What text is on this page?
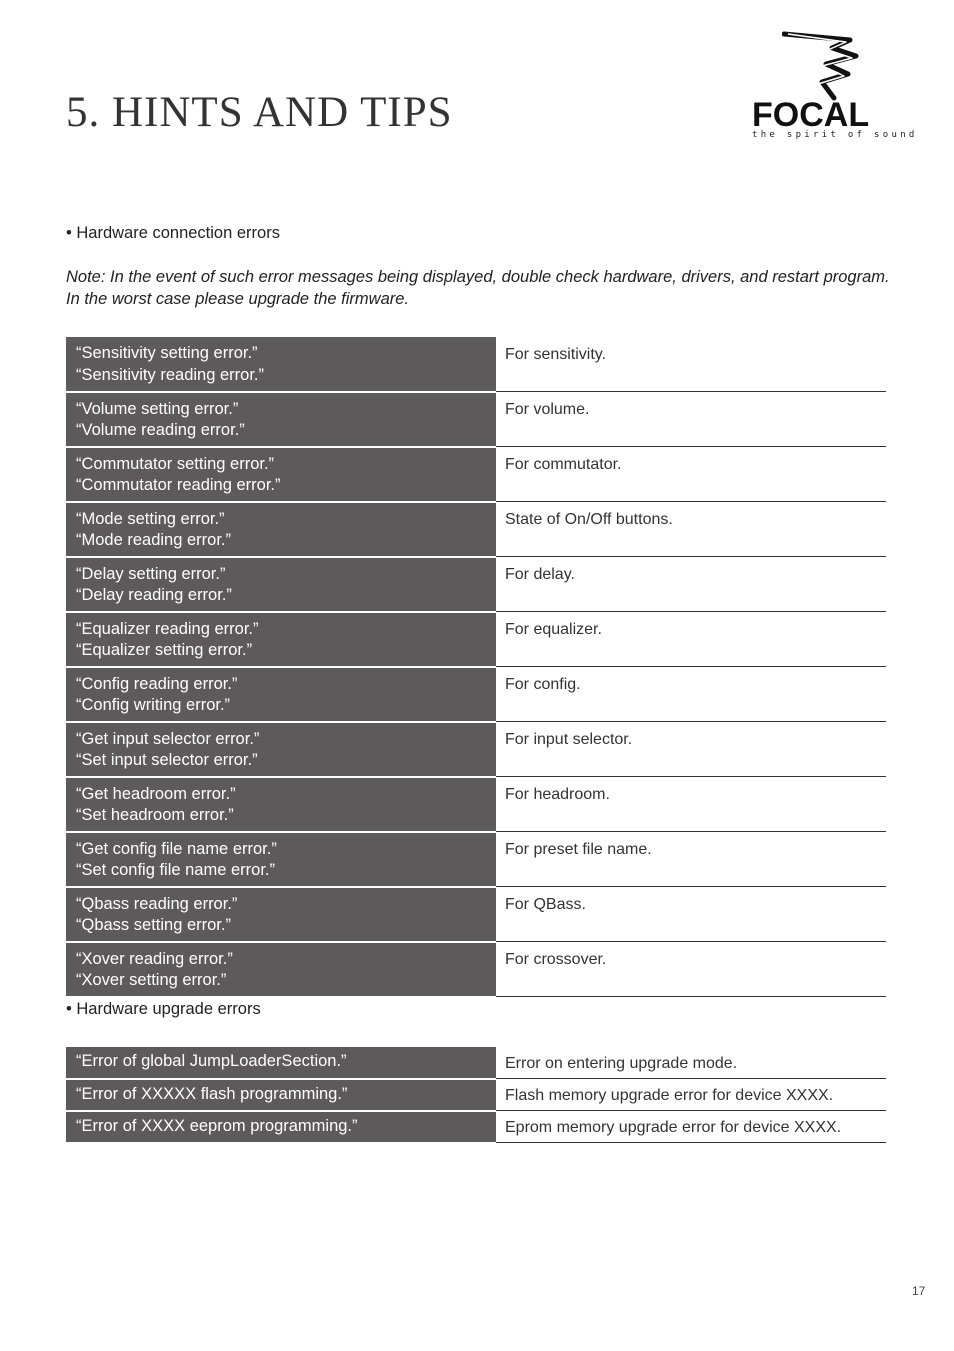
5. HINTS AND TIPS	FOCAL
the spirit of sound
• Hardware connection errors
Note: In the event of such error messages being displayed, double check hardware, drivers, and restart program. In the worst case please upgrade the firmware.
“Sensitivity setting error.”
“Sensitivity reading error.”	For sensitivity.

“Volume setting error.”
“Volume reading error.”	For volume.

“Commutator setting error.”
“Commutator reading error.”	For commutator.

“Mode setting error.”
“Mode reading error.”	State of On/Off buttons.

“Delay setting error.”
“Delay reading error.”	For delay.

“Equalizer reading error.”
“Equalizer setting error.”	For equalizer.

“Config reading error.”
“Config writing error.”	For config.

“Get input selector error.”
“Set input selector error.”	For input selector.

“Get headroom error.”
“Set headroom error.”	For headroom.

“Get config file name error.”
“Set config file name error.”	For preset file name.

“Qbass reading error.”
“Qbass setting error.”	For QBass.

“Xover reading error.”
“Xover setting error.”	For crossover.
• Hardware upgrade errors
“Error of global JumpLoaderSection.”	Error on entering upgrade mode.
“Error of XXXXX flash programming.”	Flash memory upgrade error for device XXXX.
“Error of XXXX eeprom programming.”	Eprom memory upgrade error for device XXXX.
17
